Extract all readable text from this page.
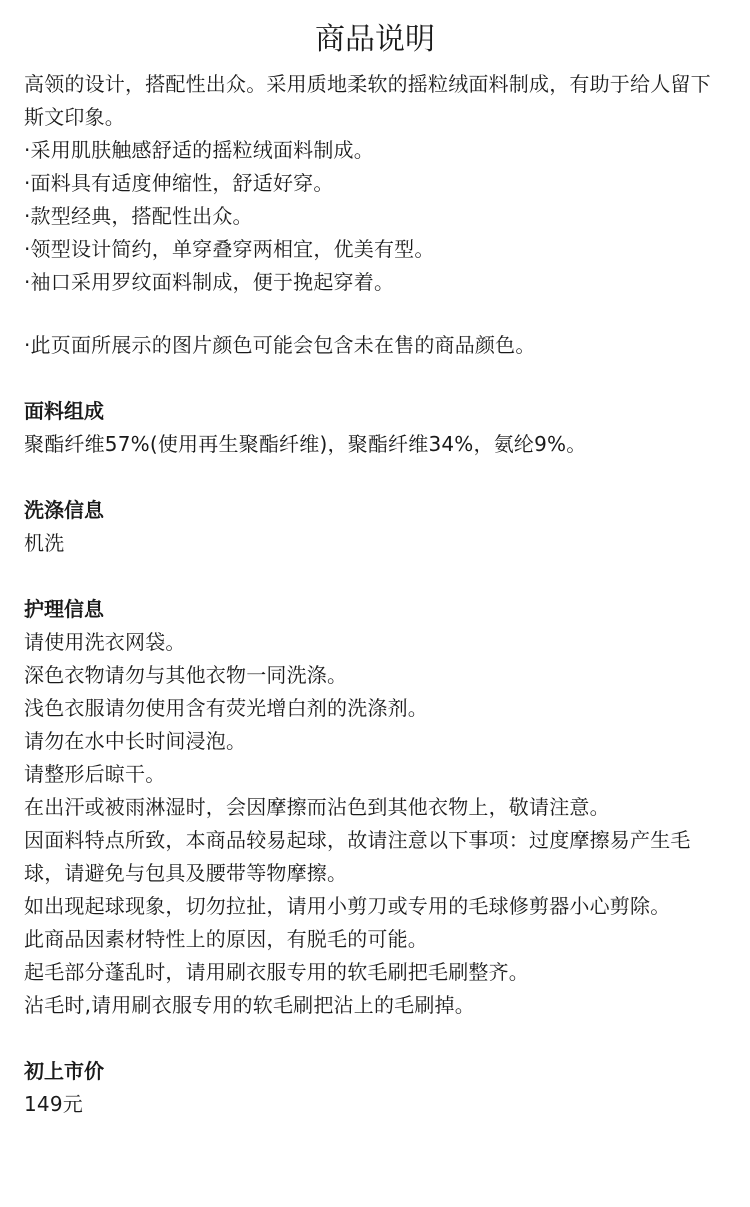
商品说明

高领的设计，搭配性出众。采用质地柔软的摇粒绒面料制成，有助于给人留下斯文印象。

·采用肌肤触感舒适的摇粒绒面料制成。

·面料具有适度伸缩性，舒适好穿。

·款型经典，搭配性出众。

·领型设计简约，单穿叠穿两相宜，优美有型。

·袖口采用罗纹面料制成，便于挽起穿着。

·此页面所展示的图片颜色可能会包含未在售的商品颜色。

面料组成

聚酯纤维57%(使用再生聚酯纤维)，聚酯纤维34%，氨纶9%。

洗涤信息

机洗

护理信息

请使用洗衣网袋。

深色衣物请勿与其他衣物一同洗涤。

浅色衣服请勿使用含有荧光增白剂的洗涤剂。

请勿在水中长时间浸泡。

请整形后晾干。

在出汗或被雨淋湿时，会因摩擦而沾色到其他衣物上，敬请注意。

因面料特点所致，本商品较易起球，故请注意以下事项：过度摩擦易产生毛球，请避免与包具及腰带等物摩擦。

如出现起球现象，切勿拉扯，请用小剪刀或专用的毛球修剪器小心剪除。

此商品因素材特性上的原因，有脱毛的可能。

起毛部分蓬乱时，请用刷衣服专用的软毛刷把毛刷整齐。

沾毛时,请用刷衣服专用的软毛刷把沾上的毛刷掉。

初上市价

149元
